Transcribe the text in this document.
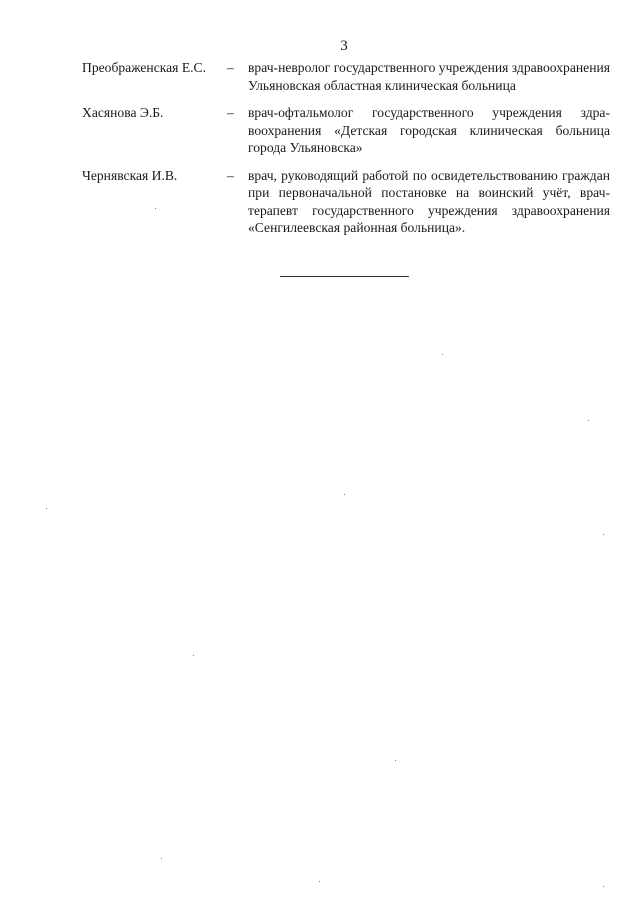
3
Преображенская Е.С.	–	врач-невролог государственного учреждения здравоохранения Ульяновская областная клиническая больница
Хасянова Э.Б.	–	врач-офтальмолог государственного учреждения здравоохранения «Детская городская клиническая больница города Ульяновска»
Чернявская И.В.	–	врач, руководящий работой по освидетельствованию граждан при первоначальной постановке на воинский учёт, врач-терапевт государственного учреждения здравоохранения «Сенгилеевская районная больница».
